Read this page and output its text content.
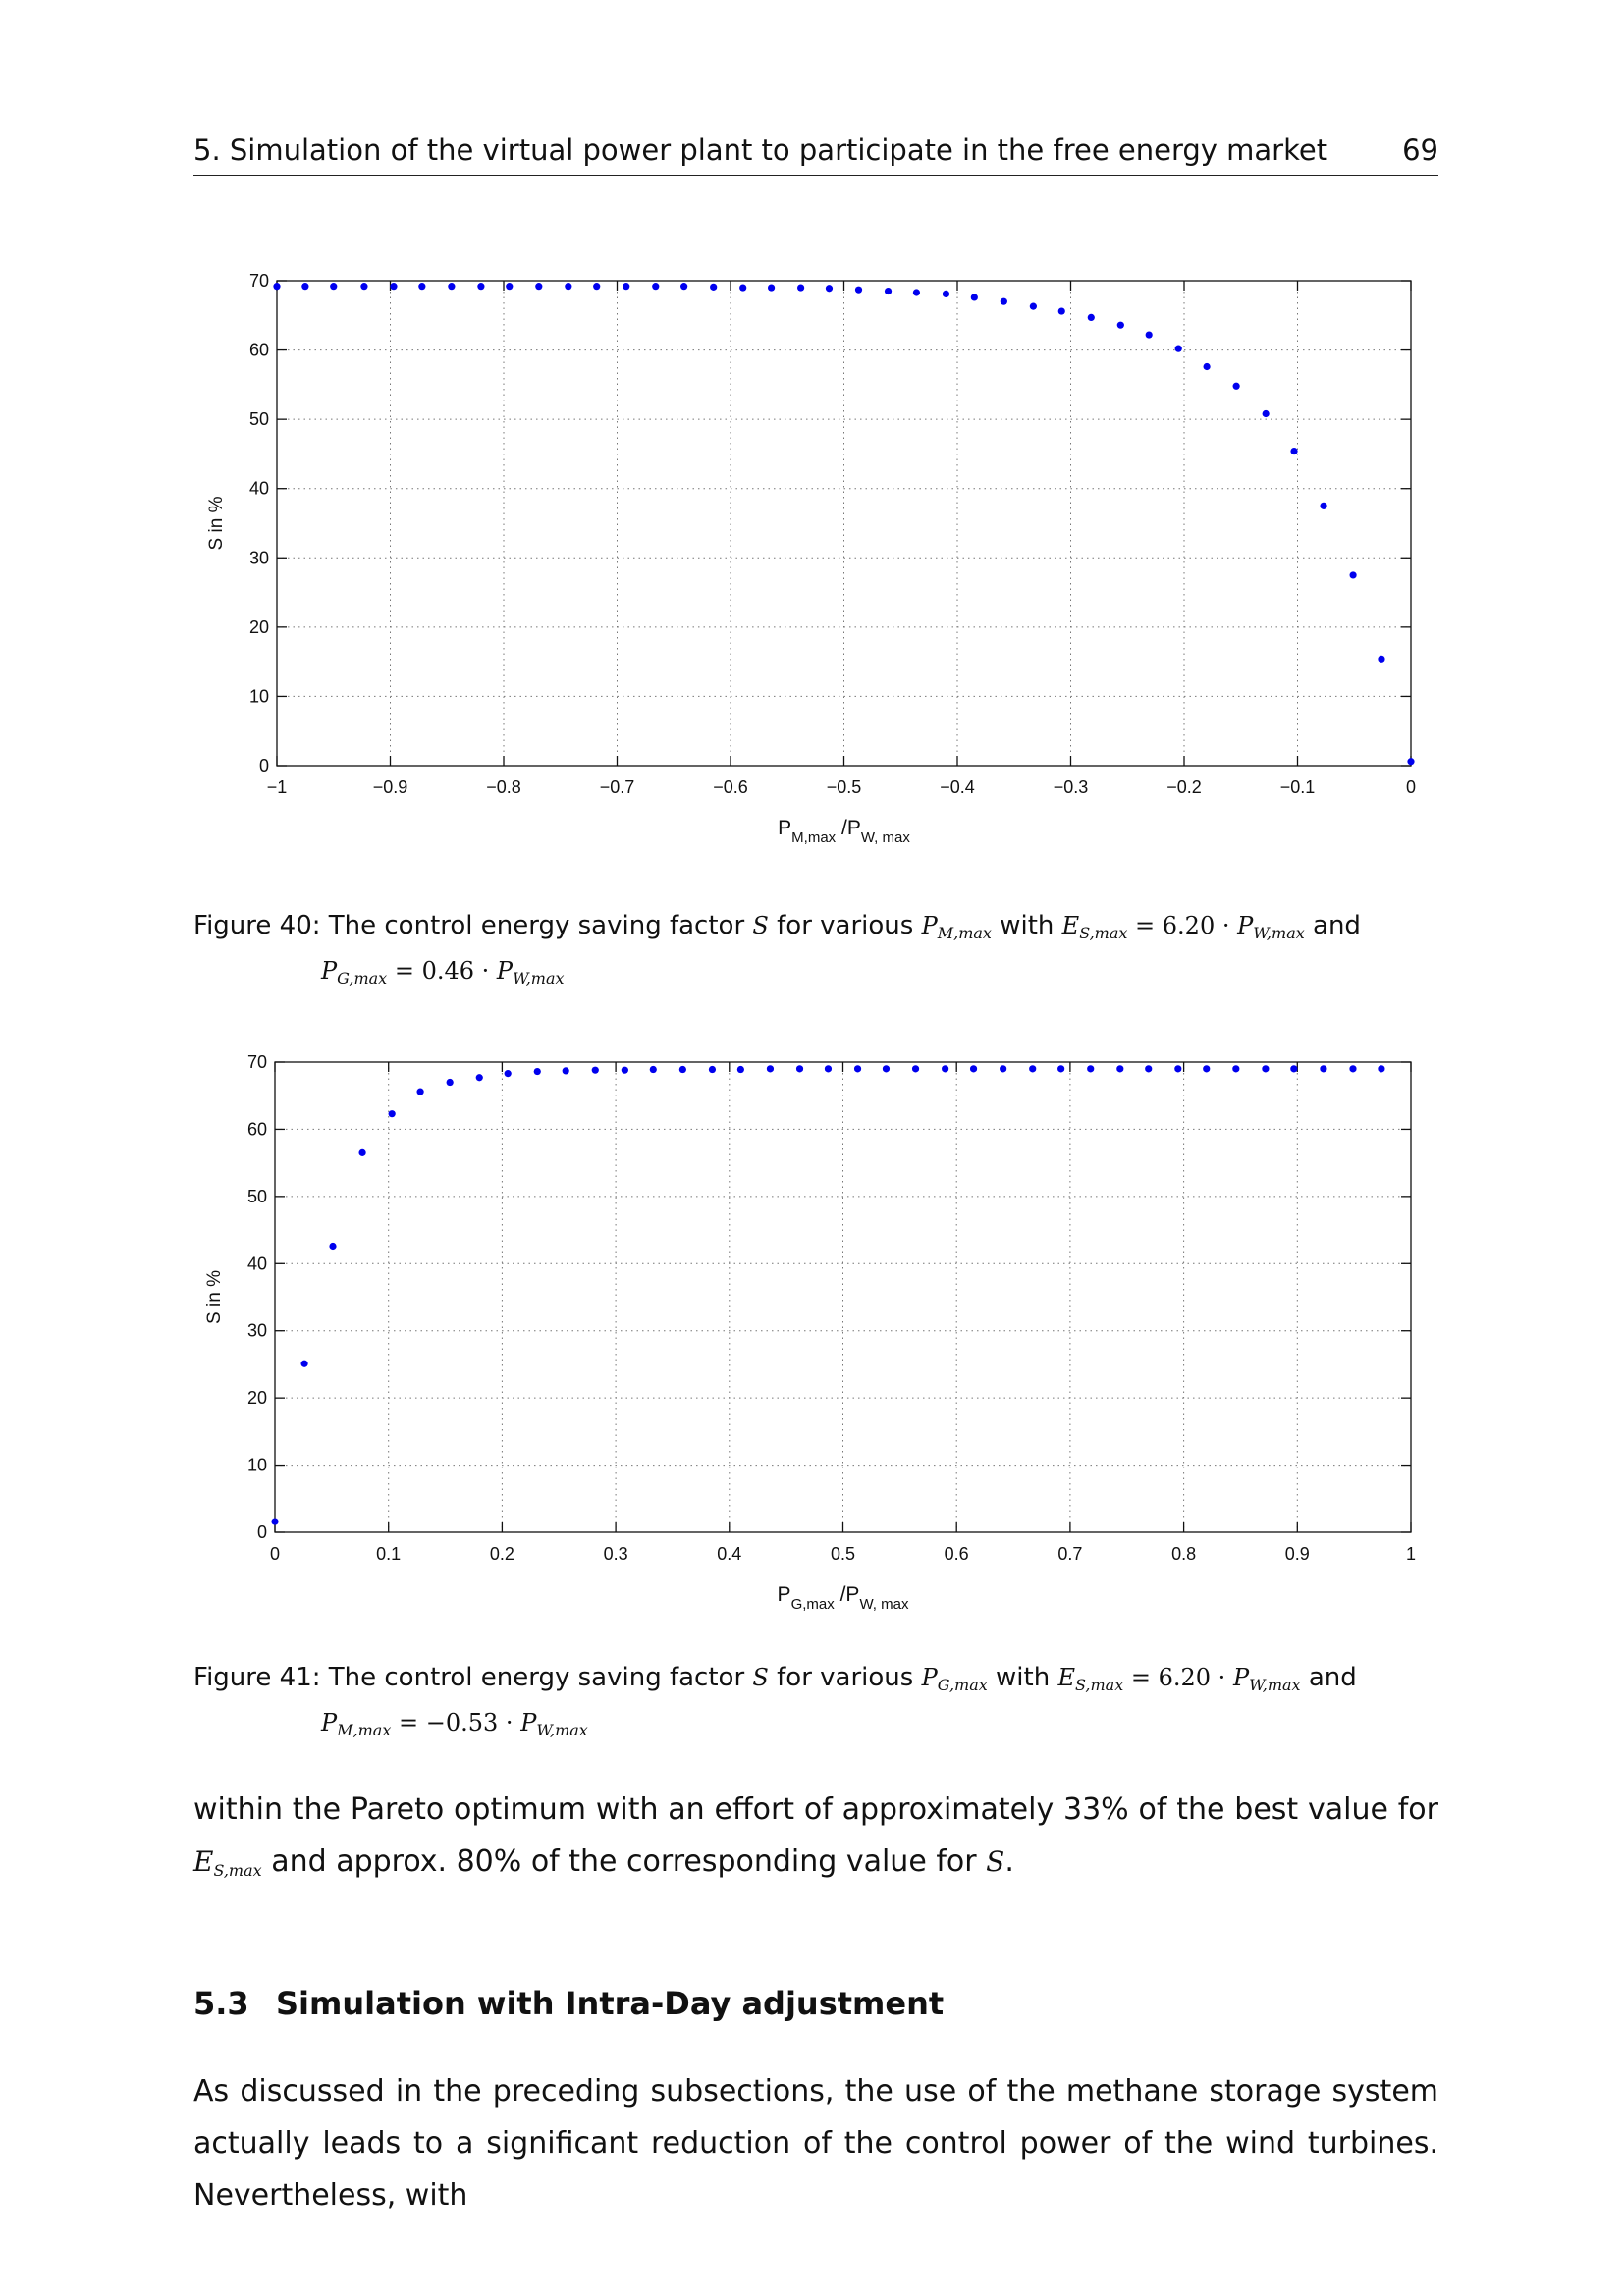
5. Simulation of the virtual power plant to participate in the free energy market	69
−1	−0.9	−0.8	−0.7	−0.6	−0.5	−0.4	−0.3	−0.2	−0.1	0
0
10
20
30
40
50
60
70
S in %
$P_{M,max}$ $/P_{W, max}$
Figure 40: The control energy saving factor S for various $P_{M,max}$ with $E_{S,max} = 6.20 \cdot P_{W,max}$ and
$P_{G,max} = 0.46 \cdot P_{W,max}$
0	0.1	0.2	0.3	0.4	0.5	0.6	0.7	0.8	0.9	1
0
10
20
30
40
50
60
70
S in %
$P_{G,max}$ $/P_{W, max}$
Figure 41: The control energy saving factor S for various $P_{G,max}$ with $E_{S,max} = 6.20 \cdot P_{W,max}$ and
$P_{M,max} = -0.53 \cdot P_{W,max}$
within the Pareto optimum with an effort of approximately 33% of the best value for $E_{S,max}$ and approx. 80% of the corresponding value for S.
5.3 Simulation with Intra-Day adjustment
As discussed in the preceding subsections, the use of the methane storage system actually leads to a significant reduction of the control power of the wind turbines. Nevertheless, with
